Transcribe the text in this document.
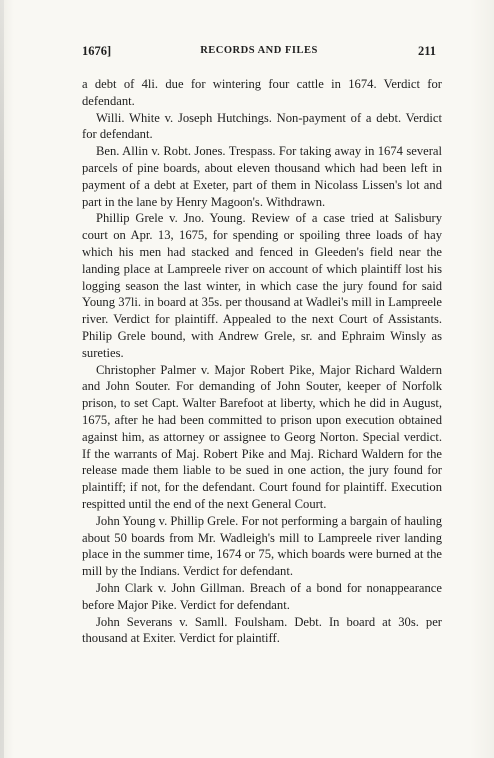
1676]	RECORDS AND FILES	211

a debt of 4li. due for wintering four cattle in 1674. Verdict for defendant.

Willi. White v. Joseph Hutchings. Non-payment of a debt. Verdict for defendant.

Ben. Allin v. Robt. Jones. Trespass. For taking away in 1674 several parcels of pine boards, about eleven thousand which had been left in payment of a debt at Exeter, part of them in Nicolass Lissen's lot and part in the lane by Henry Magoon's. Withdrawn.

Phillip Grele v. Jno. Young. Review of a case tried at Salisbury court on Apr. 13, 1675, for spending or spoiling three loads of hay which his men had stacked and fenced in Gleeden's field near the landing place at Lampreele river on account of which plaintiff lost his logging season the last winter, in which case the jury found for said Young 37li. in board at 35s. per thousand at Wadlei's mill in Lampreele river. Verdict for plaintiff. Appealed to the next Court of Assistants. Philip Grele bound, with Andrew Grele, sr. and Ephraim Winsly as sureties.

Christopher Palmer v. Major Robert Pike, Major Richard Waldern and John Souter. For demanding of John Souter, keeper of Norfolk prison, to set Capt. Walter Barefoot at liberty, which he did in August, 1675, after he had been committed to prison upon execution obtained against him, as attorney or assignee to Georg Norton. Special verdict. If the warrants of Maj. Robert Pike and Maj. Richard Waldern for the release made them liable to be sued in one action, the jury found for plaintiff; if not, for the defendant. Court found for plaintiff. Execution respitted until the end of the next General Court.

John Young v. Phillip Grele. For not performing a bargain of hauling about 50 boards from Mr. Wadleigh's mill to Lampreele river landing place in the summer time, 1674 or 75, which boards were burned at the mill by the Indians. Verdict for defendant.

John Clark v. John Gillman. Breach of a bond for nonappearance before Major Pike. Verdict for defendant.

John Severans v. Samll. Foulsham. Debt. In board at 30s. per thousand at Exiter. Verdict for plaintiff.
